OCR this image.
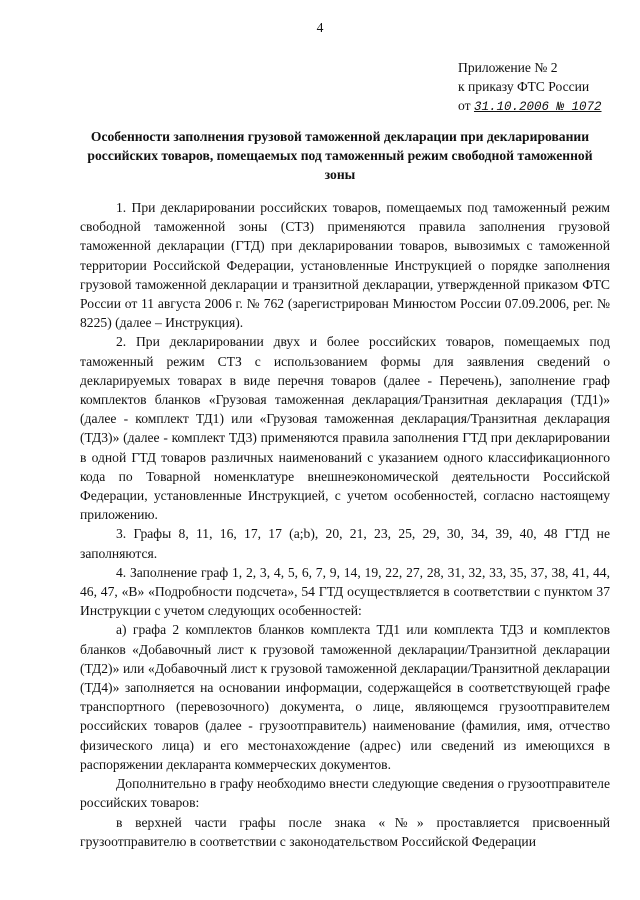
4
Приложение № 2
к приказу ФТС России
от 31.10.2006 № 1072
Особенности заполнения грузовой таможенной декларации при декларировании российских товаров, помещаемых под таможенный режим свободной таможенной зоны

1. При декларировании российских товаров, помещаемых под таможенный режим свободной таможенной зоны (СТЗ) применяются правила заполнения грузовой таможенной декларации (ГТД) при декларировании товаров, вывозимых с таможенной территории Российской Федерации, установленные Инструкцией о порядке заполнения грузовой таможенной декларации и транзитной декларации, утвержденной приказом ФТС России от 11 августа 2006 г. № 762 (зарегистрирован Минюстом России 07.09.2006, рег. № 8225) (далее – Инструкция).

2. При декларировании двух и более российских товаров, помещаемых под таможенный режим СТЗ с использованием формы для заявления сведений о декларируемых товарах в виде перечня товаров (далее - Перечень), заполнение граф комплектов бланков «Грузовая таможенная декларация/Транзитная декларация (ТД1)» (далее - комплект ТД1) или «Грузовая таможенная декларация/Транзитная декларация (ТД3)» (далее - комплект ТД3) применяются правила заполнения ГТД при декларировании в одной ГТД товаров различных наименований с указанием одного классификационного кода по Товарной номенклатуре внешнеэкономической деятельности Российской Федерации, установленные Инструкцией, с учетом особенностей, согласно настоящему приложению.

3. Графы 8, 11, 16, 17, 17 (a;b), 20, 21, 23, 25, 29, 30, 34, 39, 40, 48 ГТД не заполняются.

4. Заполнение граф 1, 2, 3, 4, 5, 6, 7, 9, 14, 19, 22, 27, 28, 31, 32, 33, 35, 37, 38, 41, 44, 46, 47, «В» «Подробности подсчета», 54 ГТД осуществляется в соответствии с пунктом 37 Инструкции с учетом следующих особенностей:

а) графа 2 комплектов бланков комплекта ТД1 или комплекта ТД3 и комплектов бланков «Добавочный лист к грузовой таможенной декларации/Транзитной декларации (ТД2)» или «Добавочный лист к грузовой таможенной декларации/Транзитной декларации (ТД4)» заполняется на основании информации, содержащейся в соответствующей графе транспортного (перевозочного) документа, о лице, являющемся грузоотправителем российских товаров (далее - грузоотправитель) наименование (фамилия, имя, отчество физического лица) и его местонахождение (адрес) или сведений из имеющихся в распоряжении декларанта коммерческих документов.

Дополнительно в графу необходимо внести следующие сведения о грузоотправителе российских товаров:

в верхней части графы после знака «№» проставляется присвоенный грузоотправителю в соответствии с законодательством Российской Федерации
